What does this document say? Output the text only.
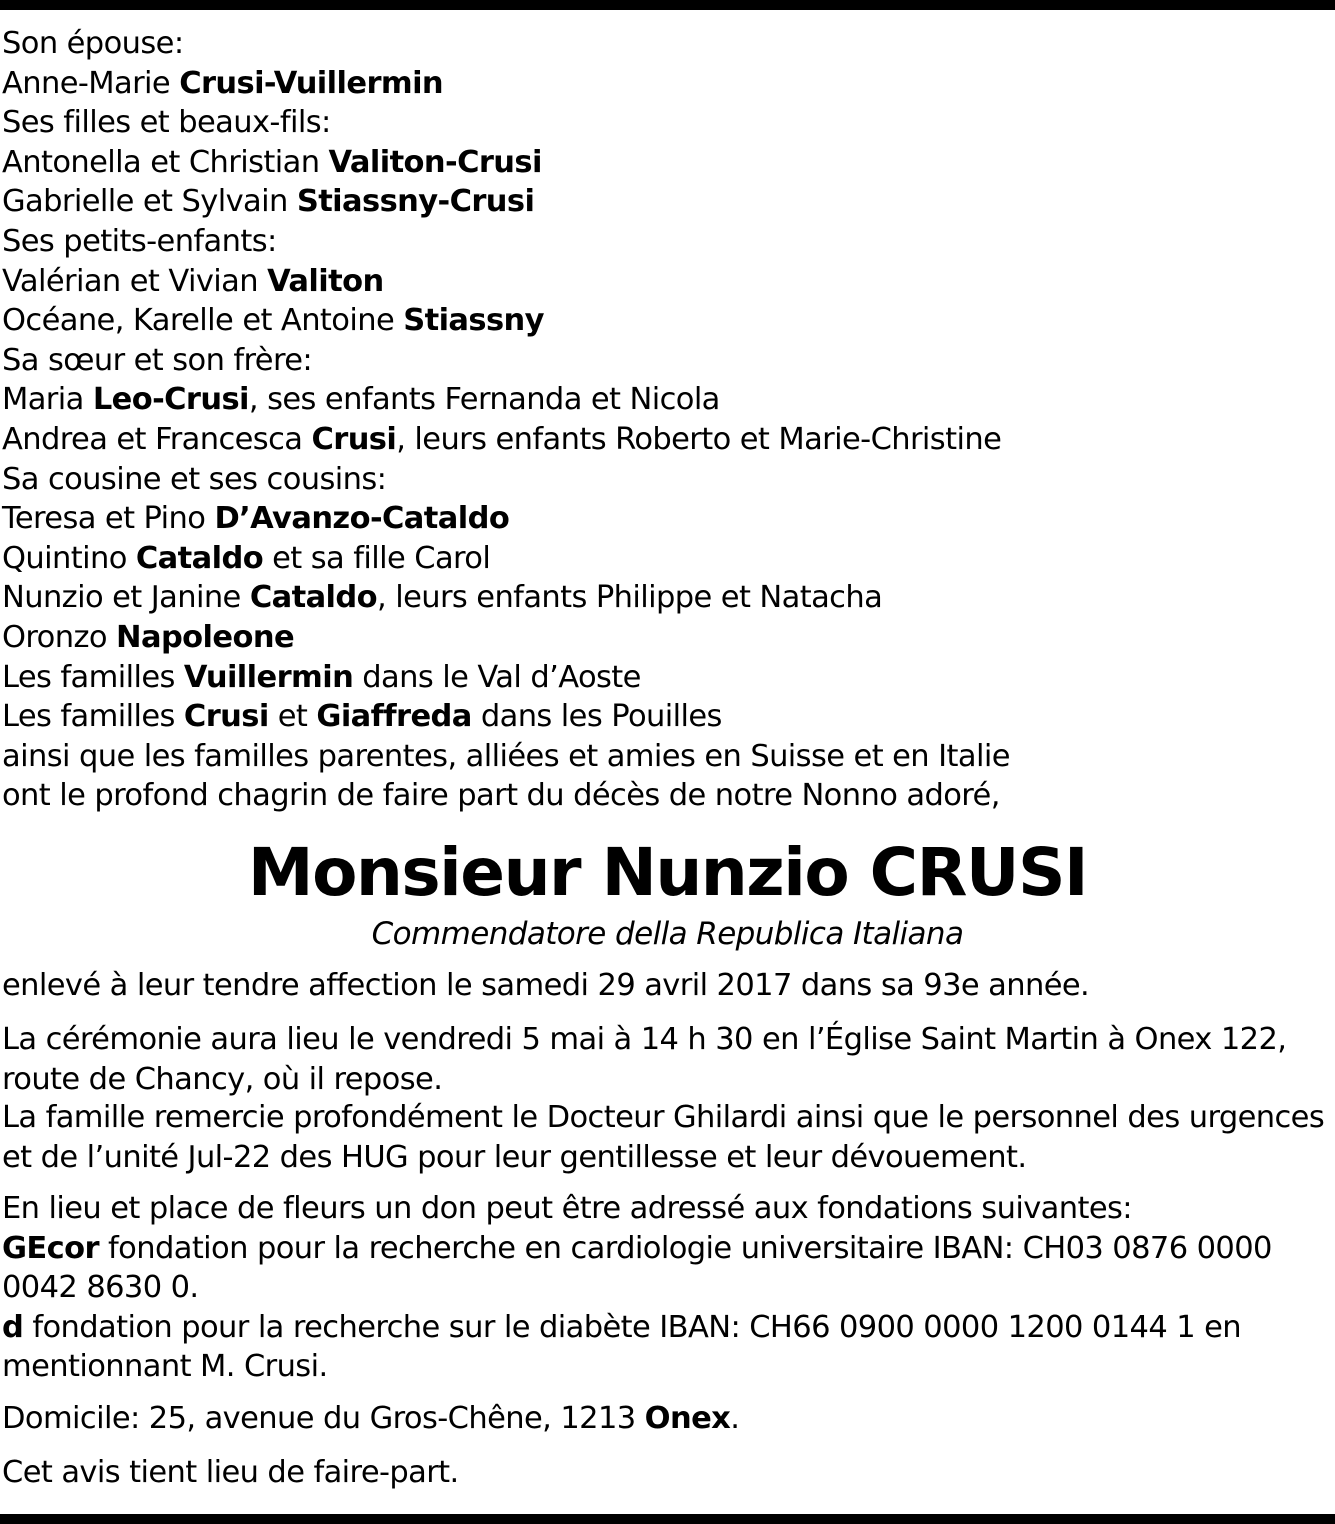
Son épouse:
Anne-Marie Crusi-Vuillermin
Ses filles et beaux-fils:
Antonella et Christian Valiton-Crusi
Gabrielle et Sylvain Stiassny-Crusi
Ses petits-enfants:
Valérian et Vivian Valiton
Océane, Karelle et Antoine Stiassny
Sa sœur et son frère:
Maria Leo-Crusi, ses enfants Fernanda et Nicola
Andrea et Francesca Crusi, leurs enfants Roberto et Marie-Christine
Sa cousine et ses cousins:
Teresa et Pino D’Avanzo-Cataldo
Quintino Cataldo et sa fille Carol
Nunzio et Janine Cataldo, leurs enfants Philippe et Natacha
Oronzo Napoleone
Les familles Vuillermin dans le Val d’Aoste
Les familles Crusi et Giaffreda dans les Pouilles
ainsi que les familles parentes, alliées et amies en Suisse et en Italie
ont le profond chagrin de faire part du décès de notre Nonno adoré,
Monsieur Nunzio CRUSI
Commendatore della Republica Italiana
enlevé à leur tendre affection le samedi 29 avril 2017 dans sa 93e année.
La cérémonie aura lieu le vendredi 5 mai à 14 h 30 en l’Église Saint Martin à Onex 122,
route de Chancy, où il repose.
La famille remercie profondément le Docteur Ghilardi ainsi que le personnel des urgences
et de l’unité Jul-22 des HUG pour leur gentillesse et leur dévouement.
En lieu et place de fleurs un don peut être adressé aux fondations suivantes:
GEcor fondation pour la recherche en cardiologie universitaire IBAN: CH03 0876 0000
0042 8630 0.
d fondation pour la recherche sur le diabète IBAN: CH66 0900 0000 1200 0144 1 en
mentionnant M. Crusi.
Domicile: 25, avenue du Gros-Chêne, 1213 Onex.
Cet avis tient lieu de faire-part.
